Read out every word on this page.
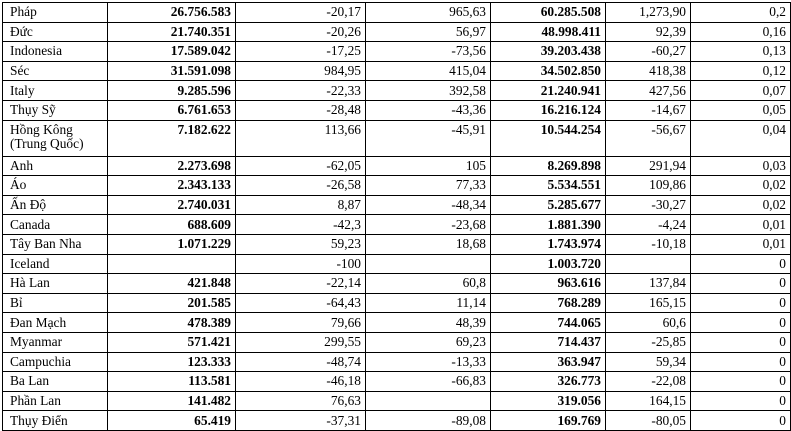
Pháp	26.756.583	-20,17	965,63	60.285.508	1,273,90	0,2
Đức	21.740.351	-20,26	56,97	48.998.411	92,39	0,16
Indonesia	17.589.042	-17,25	-73,56	39.203.438	-60,27	0,13
Séc	31.591.098	984,95	415,04	34.502.850	418,38	0,12
Italy	9.285.596	-22,33	392,58	21.240.941	427,56	0,07
Thụy Sỹ	6.761.653	-28,48	-43,36	16.216.124	-14,67	0,05
Hồng Kông (Trung Quốc)	7.182.622	113,66	-45,91	10.544.254	-56,67	0,04
Anh	2.273.698	-62,05	105	8.269.898	291,94	0,03
Áo	2.343.133	-26,58	77,33	5.534.551	109,86	0,02
Ấn Độ	2.740.031	8,87	-48,34	5.285.677	-30,27	0,02
Canada	688.609	-42,3	-23,68	1.881.390	-4,24	0,01
Tây Ban Nha	1.071.229	59,23	18,68	1.743.974	-10,18	0,01
Iceland		-100		1.003.720		0
Hà Lan	421.848	-22,14	60,8	963.616	137,84	0
Bỉ	201.585	-64,43	11,14	768.289	165,15	0
Đan Mạch	478.389	79,66	48,39	744.065	60,6	0
Myanmar	571.421	299,55	69,23	714.437	-25,85	0
Campuchia	123.333	-48,74	-13,33	363.947	59,34	0
Ba Lan	113.581	-46,18	-66,83	326.773	-22,08	0
Phần Lan	141.482	76,63		319.056	164,15	0
Thụy Điển	65.419	-37,31	-89,08	169.769	-80,05	0
